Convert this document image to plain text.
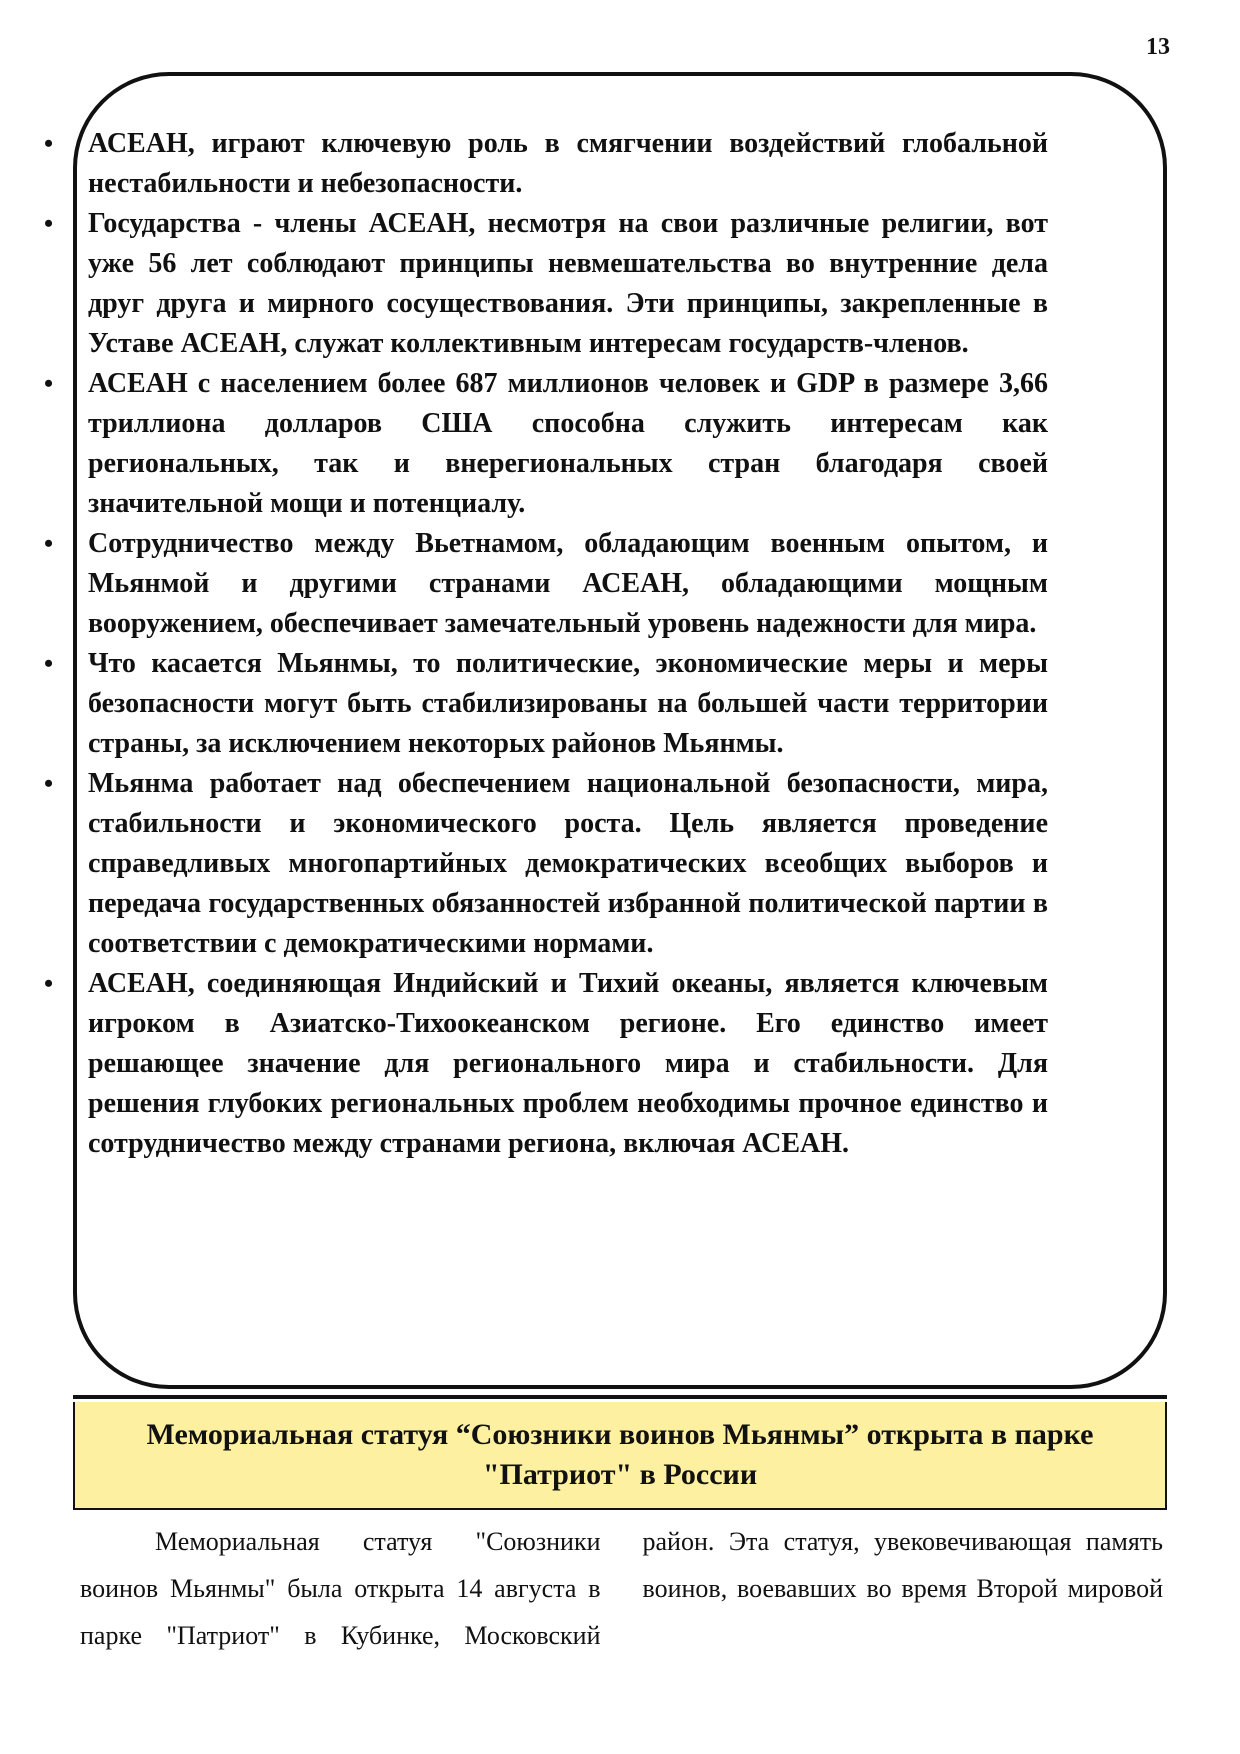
13
• АСЕАН, играют ключевую роль в смягчении воздействий глобальной нестабильности и небезопасности.
• Государства - члены АСЕАН, несмотря на свои различные религии, вот уже 56 лет соблюдают принципы невмешательства во внутренние дела друг друга и мирного сосуществования. Эти принципы, закрепленные в Уставе АСЕАН, служат коллективным интересам государств-членов.
• АСЕАН с населением более 687 миллионов человек и GDP в размере 3,66 триллиона долларов США способна служить интересам как региональных, так и внерегиональных стран благодаря своей значительной мощи и потенциалу.
• Сотрудничество между Вьетнамом, обладающим военным опытом, и Мьянмой и другими странами АСЕАН, обладающими мощным вооружением, обеспечивает замечательный уровень надежности для мира.
• Что касается Мьянмы, то политические, экономические меры и меры безопасности могут быть стабилизированы на большей части территории страны, за исключением некоторых районов Мьянмы.
• Мьянма работает над обеспечением национальной безопасности, мира, стабильности и экономического роста. Цель является проведение справедливых многопартийных демократических всеобщих выборов и передача государственных обязанностей избранной политической партии в соответствии с демократическими нормами.
• АСЕАН, соединяющая Индийский и Тихий океаны, является ключевым игроком в Азиатско-Тихоокеанском регионе. Его единство имеет решающее значение для регионального мира и стабильности. Для решения глубоких региональных проблем необходимы прочное единство и сотрудничество между странами региона, включая АСЕАН.
Мемориальная статуя “Союзники воинов Мьянмы” открыта в парке "Патриот" в России

Мемориальная статуя "Союзники воинов Мьянмы" была открыта 14 августа в парке "Патриот" в Кубинке, Московский район. Эта статуя, увековечивающая память воинов, воевавших во время Второй мировой
